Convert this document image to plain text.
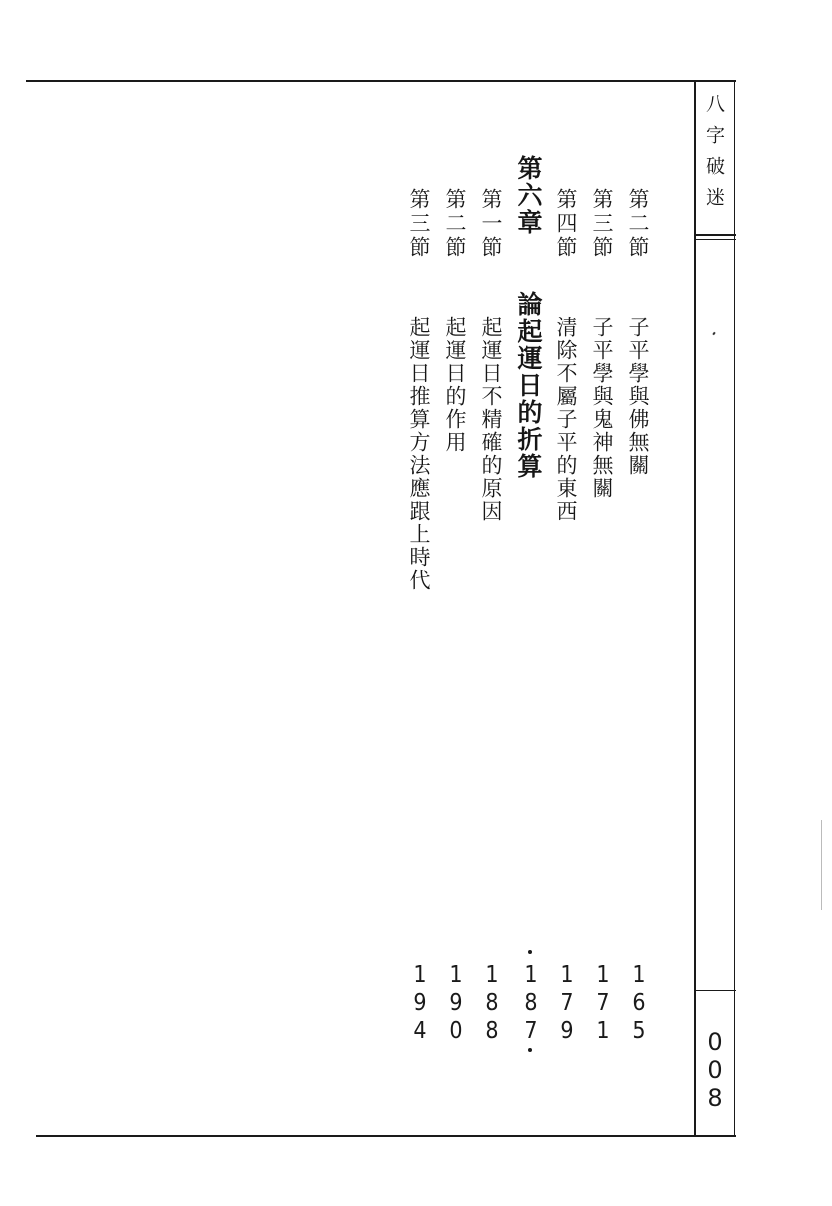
八字破迷
008
第二節
子平學與佛無關
165
第三節
子平學與鬼神無關
171
第四節
清除不屬子平的東西
179
第六章
論起運日的折算
187
第一節
起運日不精確的原因
188
第二節
起運日的作用
190
第三節
起運日推算方法應跟上時代
194
